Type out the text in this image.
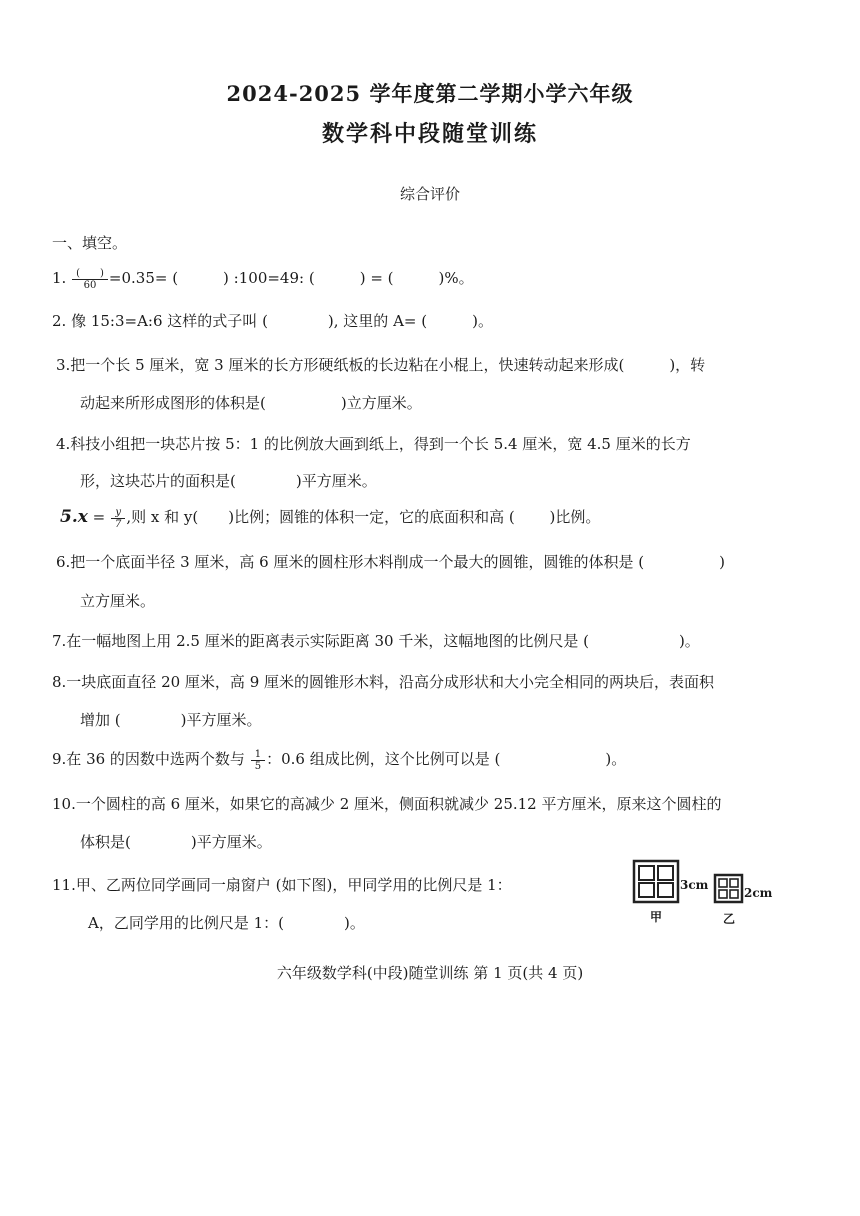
2024-2025 学年度第二学期小学六年级
数学科中段随堂训练
综合评价
一、填空。
1. $\frac{( )}{60} =0.35=$ (　　　) :100=49: (　　　) = (　　　)%。
2. 像 15:3=A:6 这样的式子叫 (　　　　), 这里的 A= (　　　)。
3.把一个长 5 厘米，宽 3 厘米的长方形硬纸板的长边粘在小棍上，快速转动起来形成(　　　)，转
动起来所形成图形的体积是(　　　　　)立方厘米。
4.科技小组把一块芯片按 5：1 的比例放大画到纸上，得到一个长 5.4 厘米，宽 4.5 厘米的长方
形，这块芯片的面积是(　　　　)平方厘米。
$5.x = \frac{y}{7}$ ,则 x 和 y(　　)比例；圆锥的体积一定，它的底面积和高 (　　 )比例。
6.把一个底面半径 3 厘米，高 6 厘米的圆柱形木料削成一个最大的圆锥，圆锥的体积是 (　　　　　)
立方厘米。
7.在一幅地图上用 2.5 厘米的距离表示实际距离 30 千米，这幅地图的比例尺是 (　　　　　　)。
8.一块底面直径 20 厘米，高 9 厘米的圆锥形木料，沿高分成形状和大小完全相同的两块后，表面积
增加 (　　　　)平方厘米。
9.在 36 的因数中选两个数与 $\frac{1}{5}$ ：0.6 组成比例，这个比例可以是 (　　　　　　　)。
10.一个圆柱的高 6 厘米，如果它的高减少 2 厘米，侧面积就减少 25.12 平方厘米，原来这个圆柱的
体积是(　　　　)平方厘米。
11.甲、乙两位同学画同一扇窗户 (如下图)，甲同学用的比例尺是 1：
A，乙同学用的比例尺是 1：(　　　　)。
3cm
2cm
甲	乙
六年级数学科(中段)随堂训练 第 1 页(共 4 页)
